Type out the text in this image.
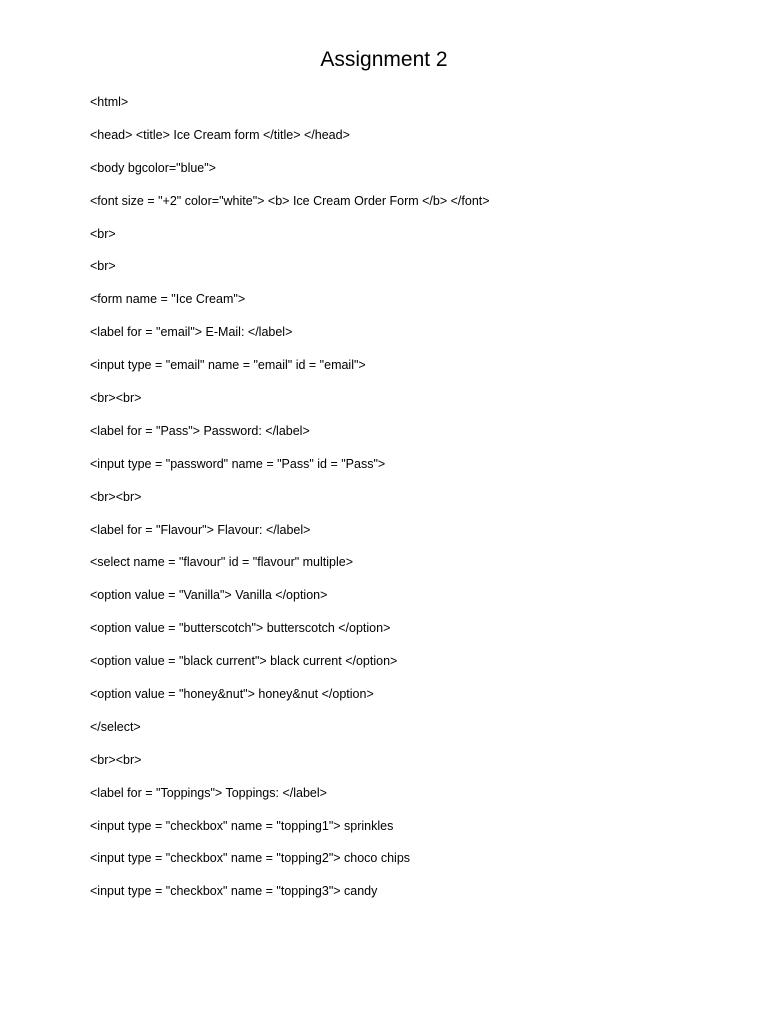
Assignment 2
<html>
<head> <title> Ice Cream form </title> </head>
<body bgcolor="blue">
<font size = "+2" color="white"> <b> Ice Cream Order Form </b> </font>
<br>
<br>
<form name = "Ice Cream">
<label for = "email"> E-Mail: </label>
<input type = "email" name = "email" id = "email">
<br><br>
<label for = "Pass"> Password: </label>
<input type = "password" name = "Pass" id = "Pass">
<br><br>
<label for = "Flavour"> Flavour: </label>
<select name = "flavour" id = "flavour" multiple>
<option value = "Vanilla"> Vanilla </option>
<option value = "butterscotch"> butterscotch </option>
<option value = "black current"> black current </option>
<option value = "honey&nut"> honey&nut </option>
</select>
<br><br>
<label for = "Toppings"> Toppings: </label>
<input type = "checkbox" name = "topping1"> sprinkles
<input type = "checkbox" name = "topping2"> choco chips
<input type = "checkbox" name = "topping3"> candy
